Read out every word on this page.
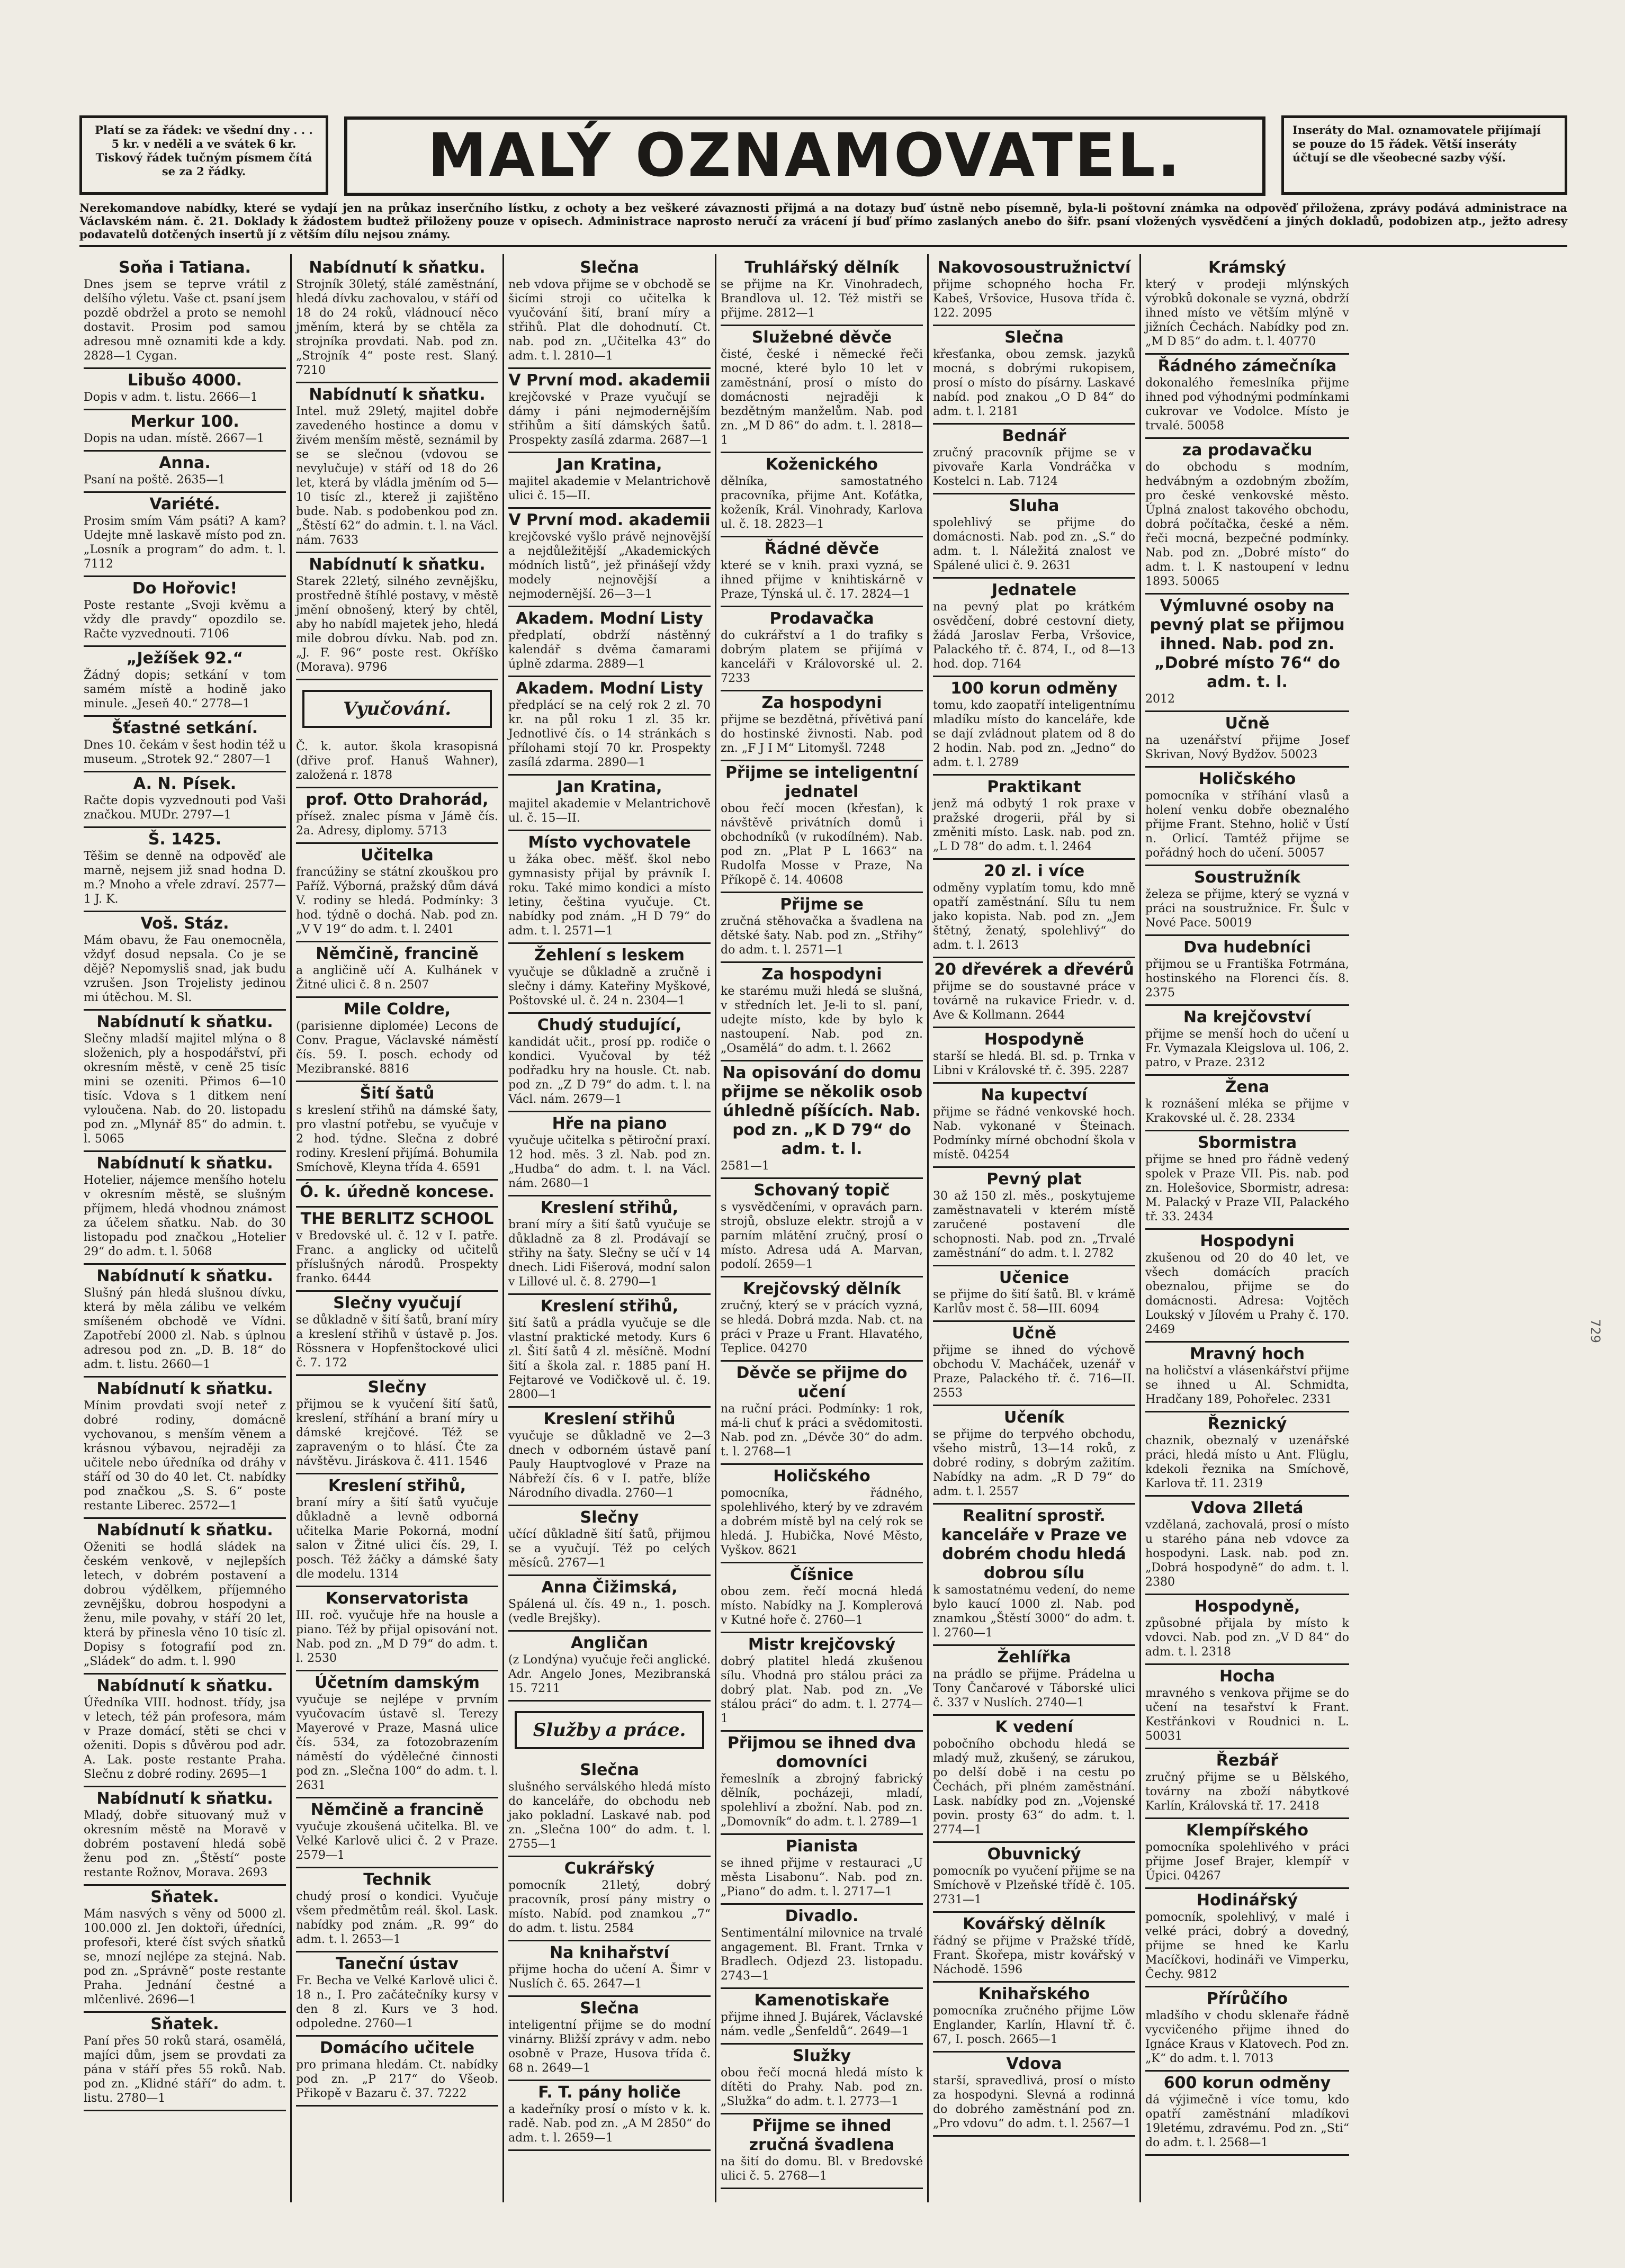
Platí se za řádek: ve všední dny . . . 5 kr. v neděli a ve svátek 6 kr. Tiskový řádek tučným písmem čítá se za 2 řádky.	MALÝ OZNAMOVATEL.	Inseráty do Mal. oznamovatele přijímají se pouze do 15 řádek. Větší inseráty účtují se dle všeobecné sazby výší.
Nerekomandove nabídky, které se vydají jen na průkaz inserčního lístku, z ochoty a bez veškeré závaznosti přijmá a na dotazy buď ústně nebo písemně, byla-li poštovní známka na odpověď přiložena, zprávy podává administrace na Václavském nám. č. 21. Doklady k žádostem budtež přiloženy pouze v opisech. Administrace naprosto neručí za vrácení jí buď přímo zaslaných anebo do šifr. psaní vložených vysvědčení a jiných dokladů, podobizen atp., ježto adresy podavatelů dotčených insertů jí z větším dílu nejsou známy.
Soňa i Tatiana.
Dnes jsem se teprve vrátil z delšího výletu. Vaše ct. psaní jsem pozdě obdržel a proto se nemohl dostavit. Prosim pod samou adresou mně oznamiti kde a kdy. 2828—1 Cygan.
Libušo 4000.
Dopis v adm. t. listu. 2666—1
Merkur 100.
Dopis na udan. místě. 2667—1
Anna.
Psaní na poště. 2635—1
Variété.
Prosim smím Vám psáti? A kam? Udejte mně laskavě místo pod zn. „Losník a program“ do adm. t. l. 7112
Do Hořovic!
Poste restante „Svoji kvěmu a vždy dle pravdy“ opozdilo se. Račte vyzvednouti. 7106
„Ježíšek 92.“
Žádný dopis; setkání v tom samém místě a hodině jako minule. „Jeseň 40.“ 2778—1
Šťastné setkání.
Dnes 10. čekám v šest hodin též u museum. „Strotek 92.“ 2807—1
A. N. Písek.
Račte dopis vyzvednouti pod Vaši značkou. MUDr. 2797—1
Š. 1425.
Těšim se denně na odpověď ale marně, nejsem již snad hodna D. m.? Mnoho a vřele zdraví. 2577—1 J. K.
Voš. Stáz.
Mám obavu, že Fau onemocněla, vždyť dosud nepsala. Co je se dějě? Nepomysliš snad, jak budu vzrušen. Json Trojelisty jedinou mi útěchou. M. Sl.
Nabídnutí k sňatku.
Slečny mladší majitel mlýna o 8 složenich, ply a hospodářství, při okresním městě, v ceně 25 tisíc mini se ozeniti. Přimos 6—10 tisíc. Vdova s 1 ditkem není vyloučena. Nab. do 20. listopadu pod zn. „Mlynář 85“ do admin. t. l. 5065
Nabídnutí k sňatku.
Hotelier, nájemce menšího hotelu v okresním městě, se slušným příjmem, hledá vhodnou známost za účelem sňatku. Nab. do 30 listopadu pod značkou „Hotelier 29“ do adm. t. l. 5068
Nabídnutí k sňatku.
Slušný pán hledá slušnou dívku, která by měla zálibu ve velkém smíšeném obchodě ve Vídni. Zapotřebí 2000 zl. Nab. s úplnou adresou pod zn. „D. B. 18“ do adm. t. listu. 2660—1
Nabídnutí k sňatku.
Mínim provdati svojí neteř z dobré rodiny, domácně vychovanou, s menším věnem a krásnou výbavou, nejraději za učitele nebo úředníka od dráhy v stáří od 30 do 40 let. Ct. nabídky pod značkou „S. S. 6“ poste restante Liberec. 2572—1
Nabídnutí k sňatku.
Oženiti se hodlá sládek na českém venkově, v nejlepších letech, v dobrém postavení a dobrou výdělkem, příjemného zevnějšku, dobrou hospodyni a ženu, mile povahy, v stáří 20 let, která by přinesla věno 10 tisíc zl. Dopisy s fotografií pod zn. „Sládek“ do adm. t. l. 990
Nabídnutí k sňatku.
Úředníka VIII. hodnost. třídy, jsa v letech, též pán profesora, mám v Praze domácí, stěti se chci v oženiti. Dopis s důvěrou pod adr. A. Lak. poste restante Praha. Slečnu z dobré rodiny. 2695—1
Nabídnutí k sňatku.
Mladý, dobře situovaný muž v okresním městě na Moravě v dobrém postavení hledá sobě ženu pod zn. „Štěstí“ poste restante Rožnov, Morava. 2693
Sňatek.
Mám nasvých s věny od 5000 zl. 100.000 zl. Jen doktoři, úředníci, profesoři, které číst svých sňatků se, mnozí nejlépe za stejná. Nab. pod zn. „Správně“ poste restante Praha. Jednání čestné a mlčenlivé. 2696—1
Sňatek.
Paní přes 50 roků stará, osamělá, majíci dům, jsem se provdati za pána v stáří přes 55 roků. Nab. pod zn. „Klidné stáří“ do adm. t. listu. 2780—1
Nabídnutí k sňatku.
Strojník 30letý, stálé zaměstnání, hledá dívku zachovalou, v stáří od 18 do 24 roků, vládnoucí něco jměním, která by se chtěla za strojníka provdati. Nab. pod zn. „Strojník 4“ poste rest. Slaný. 7210
Nabídnutí k sňatku.
Intel. muž 29letý, majitel dobře zavedeného hostince a domu v živém menším městě, seznámil by se se slečnou (vdovou se nevylučuje) v stáří od 18 do 26 let, která by vládla jměním od 5—10 tisíc zl., kterež ji zajištěno bude. Nab. s podobenkou pod zn. „Štěstí 62“ do admin. t. l. na Václ. nám. 7633
Nabídnutí k sňatku.
Starek 22letý, silného zevnějšku, prostředně štíhlé postavy, v městě jmění obnošený, který by chtěl, aby ho nabídl majetek jeho, hledá mile dobrou dívku. Nab. pod zn. „J. F. 96“ poste rest. Okříško (Morava). 9796
Vyučování.
Č. k. autor. škola krasopisná (dřive prof. Hanuš Wahner), založená r. 1878
prof. Otto Drahorád,
přísež. znalec písma v Jámě čís. 2a. Adresy, diplomy. 5713
Učitelka
francúžiny se státní zkouškou pro Paříž. Výborná, pražský dům dává V. rodiny se hledá. Podmínky: 3 hod. týdně o dochá. Nab. pod zn. „V V 19“ do adm. t. l. 2401
Němčině, francině
a angličině učí A. Kulhánek v Žitné ulici č. 8 n. 2507
Mile Coldre,
(parisienne diplomée) Lecons de Conv. Prague, Václavské náměstí čís. 59. I. posch. echody od Mezibranské. 8816
Šití šatů
s kreslení střihů na dámské šaty, pro vlastní potřebu, se vyučuje v 2 hod. týdne. Slečna z dobré rodiny. Kreslení přijímá. Bohumila Smíchově, Kleyna třída 4. 6591
Ó. k. úředně koncese.
THE BERLITZ SCHOOL
v Bredovské ul. č. 12 v I. patře. Franc. a anglicky od učitelů příslušných národů. Prospekty franko. 6444
Slečny vyučují
se důkladně v šití šatů, braní míry a kreslení střihů v ústavě p. Jos. Rössnera v Hopfenštockové ulici č. 7. 172
Slečny
přijmou se k vyučení šití šatů, kreslení, stříhání a braní míry u dámské krejčové. Též se zapraveným o to hlásí. Čte za návštěvu. Jiráskova č. 411. 1546
Kreslení střihů,
braní míry a šití šatů vyučuje důkladně a levně odborná učitelka Marie Pokorná, modní salon v Žitné ulici čís. 29, I. posch. Též žáčky a dámské šaty dle modelu. 1314
Konservatorista
III. roč. vyučuje hře na housle a piano. Též by přijal opisování not. Nab. pod zn. „M D 79“ do adm. t. l. 2530
Účetním damským
vyučuje se nejlépe v prvním vyučovacím ústavě sl. Terezy Mayerové v Praze, Masná ulice čís. 534, za fotozobrazením náměstí do výdělečné činnosti pod zn. „Slečna 100“ do adm. t. l. 2631
Němčině a francině
vyučuje zkoušená učitelka. Bl. ve Velké Karlově ulici č. 2 v Praze. 2579—1
Technik
chudý prosí o kondici. Vyučuje všem předmětům reál. škol. Lask. nabídky pod znám. „R. 99“ do adm. t. l. 2653—1
Taneční ústav
Fr. Becha ve Velké Karlově ulici č. 18 n., I. Pro začátečníky kursy v den 8 zl. Kurs ve 3 hod. odpoledne. 2760—1
Domácího učitele
pro primana hledám. Ct. nabídky pod zn. „P 217“ do Všeob. Přikopě v Bazaru č. 37. 7222
Slečna
neb vdova přijme se v obchodě se šicími stroji co učitelka k vyučování šití, braní míry a střihů. Plat dle dohodnutí. Ct. nab. pod zn. „Učitelka 43“ do adm. t. l. 2810—1
V První mod. akademii
krejčovské v Praze vyučují se dámy i páni nejmodernějším střihům a šití dámských šatů. Prospekty zasílá zdarma. 2687—1
Jan Kratina,
majitel akademie v Melantrichově ulici č. 15—II.
V První mod. akademii
krejčovské vyšlo právě nejnovější a nejdůležitější „Akademických módních listů“, jež přinášejí vždy modely nejnovější a nejmodernější. 26—3—1
Akadem. Modní Listy
předplatí, obdrží nástěnný kalendář s dvěma čamarami úplně zdarma. 2889—1
Akadem. Modní Listy
předplácí se na celý rok 2 zl. 70 kr. na půl roku 1 zl. 35 kr. Jednotlivé čís. o 14 stránkách s přílohami stojí 70 kr. Prospekty zasílá zdarma. 2890—1
Jan Kratina,
majitel akademie v Melantrichově ul. č. 15—II.
Místo vychovatele
u žáka obec. měšť. škol nebo gymnasisty přijal by právník I. roku. Také mimo kondici a místo letiny, čeština vyučuje. Ct. nabídky pod znám. „H D 79“ do adm. t. l. 2571—1
Žehlení s leskem
vyučuje se důkladně a zručně i slečny i dámy. Kateřiny Myškové, Poštovské ul. č. 24 n. 2304—1
Chudý studující,
kandidát učit., prosí pp. rodiče o kondici. Vyučoval by též podřadku hry na housle. Ct. nab. pod zn. „Z D 79“ do adm. t. l. na Václ. nám. 2679—1
Hře na piano
vyučuje učitelka s pětiroční praxí. 12 hod. měs. 3 zl. Nab. pod zn. „Hudba“ do adm. t. l. na Václ. nám. 2680—1
Kreslení střihů,
braní míry a šití šatů vyučuje se důkladně za 8 zl. Prodávají se střihy na šaty. Slečny se učí v 14 dnech. Lidi Fišerová, modní salon v Lillové ul. č. 8. 2790—1
Kreslení střihů,
šití šatů a prádla vyučuje se dle vlastní praktické metody. Kurs 6 zl. Šití šatů 4 zl. měsíčně. Modní šití a škola zal. r. 1885 paní H. Fejtarové ve Vodičkově ul. č. 19. 2800—1
Kreslení střihů
vyučuje se důkladně ve 2—3 dnech v odborném ústavě paní Pauly Hauptvoglové v Praze na Nábřeží čís. 6 v I. patře, blíže Národního divadla. 2760—1
Slečny
učící důkladně šití šatů, přijmou se a vyučují. Též po celých měsíců. 2767—1
Anna Čižimská,
Spálená ul. čís. 49 n., 1. posch. (vedle Brejšky).
Angličan
(z Londýna) vyučuje řeči anglické. Adr. Angelo Jones, Mezibranská 15. 7211
Služby a práce.
Slečna
slušného serválského hledá místo do kanceláře, do obchodu neb jako pokladní. Laskavé nab. pod zn. „Slečna 100“ do adm. t. l. 2755—1
Cukrářský
pomocník 21letý, dobrý pracovník, prosí pány mistry o místo. Nabíd. pod znamkou „7“ do adm. t. listu. 2584
Na knihařství
přijme hocha do učení A. Šimr v Nuslích č. 65. 2647—1
Slečna
inteligentní přijme se do modní vinárny. Bližší zprávy v adm. nebo osobně v Praze, Husova třída č. 68 n. 2649—1
F. T. pány holiče
a kadeřníky prosí o místo v k. k. radě. Nab. pod zn. „A M 2850“ do adm. t. l. 2659—1
Truhlářský dělník
se přijme na Kr. Vinohradech, Brandlova ul. 12. Též mistři se přijme. 2812—1
Služebné děvče
čisté, české i německé řeči mocné, které bylo 10 let v zaměstnání, prosí o místo do domácnosti nejraději k bezdětným manželům. Nab. pod zn. „M D 86“ do adm. t. l. 2818—1
Koženického
dělníka, samostatného pracovníka, přijme Ant. Koťátka, koženík, Král. Vinohrady, Karlova ul. č. 18. 2823—1
Řádné děvče
které se v knih. praxi vyzná, se ihned přijme v knihtiskárně v Praze, Týnská ul. č. 17. 2824—1
Prodavačka
do cukrářství a 1 do trafiky s dobrým platem se přijímá v kanceláři v Královorské ul. 2. 7233
Za hospodyni
přijme se bezdětná, přívětivá paní do hostinské živnosti. Nab. pod zn. „F J I M“ Litomyšl. 7248
Přijme se inteligentní jednatel
obou řečí mocen (křesťan), k návštěvě privátních domů i obchodníků (v rukodílném). Nab. pod zn. „Plat P L 1663“ na Rudolfa Mosse v Praze, Na Příkopě č. 14. 40608
Přijme se
zručná stěhovačka a švadlena na dětské šaty. Nab. pod zn. „Střihy“ do adm. t. l. 2571—1
Za hospodyni
ke starému muži hledá se slušná, v středních let. Je-li to sl. paní, udejte místo, kde by bylo k nastoupení. Nab. pod zn. „Osamělá“ do adm. t. l. 2662
Na opisování do domu přijme se několik osob úhledně píšících. Nab. pod zn. „K D 79“ do adm. t. l.
2581—1
Schovaný topič
s vysvědčeními, v opravách parn. strojů, obsluze elektr. strojů a v parním mlátění zručný, prosí o místo. Adresa udá A. Marvan, podolí. 2659—1
Krejčovský dělník
zručný, který se v prácích vyzná, se hledá. Dobrá mzda. Nab. ct. na práci v Praze u Frant. Hlavatého, Teplice. 04270
Děvče se přijme do učení
na ruční práci. Podmínky: 1 rok, má-li chuť k práci a svědomitosti. Nab. pod zn. „Dévče 30“ do adm. t. l. 2768—1
Holičského
pomocníka, řádného, spolehlivého, který by ve zdravém a dobrém místě byl na celý rok se hledá. J. Hubička, Nové Město, Vyškov. 8621
Číšnice
obou zem. řečí mocná hledá místo. Nabídky na J. Komplerová v Kutné hoře č. 2760—1
Mistr krejčovský
dobrý platitel hledá zkušenou sílu. Vhodná pro stálou práci za dobrý plat. Nab. pod zn. „Ve stálou práci“ do adm. t. l. 2774—1
Přijmou se ihned dva domovníci
řemeslník a zbrojný fabrický dělník, pocházeji, mladí, spolehliví a zbožní. Nab. pod zn. „Domovník“ do adm. t. l. 2789—1
Pianista
se ihned přijme v restauraci „U města Lisabonu“. Nab. pod zn. „Piano“ do adm. t. l. 2717—1
Divadlo.
Sentimentální milovnice na trvalé angagement. Bl. Frant. Trnka v Bradlech. Odjezd 23. listopadu. 2743—1
Kamenotiskaře
přijme ihned J. Bujárek, Václavské nám. vedle „Šenfeldů“. 2649—1
Služky
obou řečí mocná hledá místo k dítěti do Prahy. Nab. pod zn. „Služka“ do adm. t. l. 2773—1
Přijme se ihned zručná švadlena
na šití do domu. Bl. v Bredovské ulici č. 5. 2768—1
Nakovosoustružnictví
přijme schopného hocha Fr. Kabeš, Vršovice, Husova třída č. 122. 2095
Slečna
křesťanka, obou zemsk. jazyků mocná, s dobrými rukopisem, prosí o místo do písárny. Laskavé nabíd. pod znakou „O D 84“ do adm. t. l. 2181
Bednář
zručný pracovník přijme se v pivovaře Karla Vondráčka v Kostelci n. Lab. 7124
Sluha
spolehlivý se přijme do domácnosti. Nab. pod zn. „S.“ do adm. t. l. Náležitá znalost ve Spálené ulici č. 9. 2631
Jednatele
na pevný plat po krátkém osvědčení, dobré cestovní diety, žádá Jaroslav Ferba, Vršovice, Palackého tř. č. 874, I., od 8—13 hod. dop. 7164
100 korun odměny
tomu, kdo zaopatří inteligentnímu mladíku místo do kanceláře, kde se dají zvládnout platem od 8 do 2 hodin. Nab. pod zn. „Jedno“ do adm. t. l. 2789
Praktikant
jenž má odbytý 1 rok praxe v pražské drogerii, přál by si změniti místo. Lask. nab. pod zn. „L D 78“ do adm. t. l. 2464
20 zl. i více
odměny vyplatím tomu, kdo mně opatří zaměstnání. Sílu tu nem jako kopista. Nab. pod zn. „Jem štětný, ženatý, spolehlivý“ do adm. t. l. 2613
20 dřevérek a dřevérů
přijme se do soustavné práce v továrně na rukavice Friedr. v. d. Ave & Kollmann. 2644
Hospodyně
starší se hledá. Bl. sd. p. Trnka v Libni v Královské tř. č. 395. 2287
Na kupectví
přijme se řádné venkovské hoch. Nab. vykonané v Šteinach. Podmínky mírné obchodní škola v místě. 04254
Pevný plat
30 až 150 zl. měs., poskytujeme zaměstnavateli v kterém místě zaručené postavení dle schopnosti. Nab. pod zn. „Trvalé zaměstnání“ do adm. t. l. 2782
Učenice
se přijme do šití šatů. Bl. v krámě Karlův most č. 58—III. 6094
Učně
přijme se ihned do výchově obchodu V. Macháček, uzenář v Praze, Palackého tř. č. 716—II. 2553
Učeník
se přijme do terpvého obchodu, všeho mistrů, 13—14 roků, z dobré rodiny, s dobrým zažitím. Nabídky na adm. „R D 79“ do adm. t. l. 2557
Realitní sprostř. kanceláře v Praze ve dobrém chodu hledá dobrou sílu
k samostatnému vedení, do neme bylo kaucí 1000 zl. Nab. pod znamkou „Štěstí 3000“ do adm. t. l. 2760—1
Žehlířka
na prádlo se přijme. Prádelna u Tony Čančarové v Táborské ulici č. 337 v Nuslích. 2740—1
K vedení
pobočního obchodu hledá se mladý muž, zkušený, se zárukou, po delší době i na cestu po Čechách, při plném zaměstnání. Lask. nabídky pod zn. „Vojenské povin. prosty 63“ do adm. t. l. 2774—1
Obuvnický
pomocník po vyučení přijme se na Smíchově v Plzeňské třídě č. 105. 2731—1
Kovářský dělník
řádný se přijme v Pražské třídě, Frant. Škořepa, mistr kovářský v Náchodě. 1596
Knihařského
pomocníka zručného přijme Löw Englander, Karlín, Hlavní tř. č. 67, I. posch. 2665—1
Vdova
starší, spravedlivá, prosí o místo za hospodyni. Slevná a rodinná do dobrého zaměstnání pod zn. „Pro vdovu“ do adm. t. l. 2567—1
Krámský
který v prodeji mlýnských výrobků dokonale se vyzná, obdrží ihned místo ve větším mlýně v jižních Čechách. Nabídky pod zn. „M D 85“ do adm. t. l. 40770
Řádného zámečníka
dokonalého řemeslníka přijme ihned pod výhodnými podmínkami cukrovar ve Vodolce. Místo je trvalé. 50058
za prodavačku
do obchodu s modním, hedvábným a ozdobným zbožím, pro české venkovské město. Úplná znalost takového obchodu, dobrá počítačka, české a něm. řeči mocná, bezpečné podmínky. Nab. pod zn. „Dobré místo“ do adm. t. l. K nastoupení v lednu 1893. 50065
Výmluvné osoby na pevný plat se přijmou ihned. Nab. pod zn. „Dobré místo 76“ do adm. t. l.
2012
Učně
na uzenářství přijme Josef Skrivan, Nový Bydžov. 50023
Holičského
pomocníka v stříhání vlasů a holení venku dobře obeznalého přijme Frant. Stehno, holič v Ústí n. Orlicí. Tamtéž přijme se pořádný hoch do učení. 50057
Soustružník
železa se přijme, který se vyzná v práci na soustružnice. Fr. Šulc v Nové Pace. 50019
Dva hudebníci
přijmou se u Františka Fotrmána, hostinského na Florenci čís. 8. 2375
Na krejčovství
přijme se menší hoch do učení u Fr. Vymazala Kleigslova ul. 106, 2. patro, v Praze. 2312
Žena
k roznášení mléka se přijme v Krakovské ul. č. 28. 2334
Sbormistra
přijme se hned pro řádně vedený spolek v Praze VII. Pis. nab. pod zn. Holešovice, Sbormistr, adresa: M. Palacký v Praze VII, Palackého tř. 33. 2434
Hospodyni
zkušenou od 20 do 40 let, ve všech domácích pracích obeznalou, přijme se do domácnosti. Adresa: Vojtěch Loukský v Jílovém u Prahy č. 170. 2469
Mravný hoch
na holičství a vlásenkářství přijme se ihned u Al. Schmidta, Hradčany 189, Pohořelec. 2331
Řeznický
chaznik, obeznalý v uzenářské práci, hledá místo u Ant. Flüglu, kdekoli řeznika na Smíchově, Karlova tř. 11. 2319
Vdova 2lletá
vzdělaná, zachovalá, prosí o místo u starého pána neb vdovce za hospodyni. Lask. nab. pod zn. „Dobrá hospodyně“ do adm. t. l. 2380
Hospodyně,
způsobné přijala by místo k vdovci. Nab. pod zn. „V D 84“ do adm. t. l. 2318
Hocha
mravného s venkova přijme se do učení na tesařství k Frant. Kestřánkovi v Roudnici n. L. 50031
Řezbář
zručný přijme se u Bělského, továrny na zboží nábytkové Karlín, Královská tř. 17. 2418
Klempířského
pomocníka spolehlivého v práci přijme Josef Brajer, klempíř v Úpici. 04267
Hodinářský
pomocník, spolehlivý, v malé i velké práci, dobrý a dovedný, přijme se hned ke Karlu Macíčkovi, hodináři ve Vimperku, Čechy. 9812
Přírůčího
mladšího v chodu sklenaře řádně vycvičeného přijme ihned do Ignáce Kraus v Klatovech. Pod zn. „K“ do adm. t. l. 7013
600 korun odměny
dá výjimečně i více tomu, kdo opatří zaměstnání mladíkovi 19letému, zdravému. Pod zn. „Sti“ do adm. t. l. 2568—1
729
